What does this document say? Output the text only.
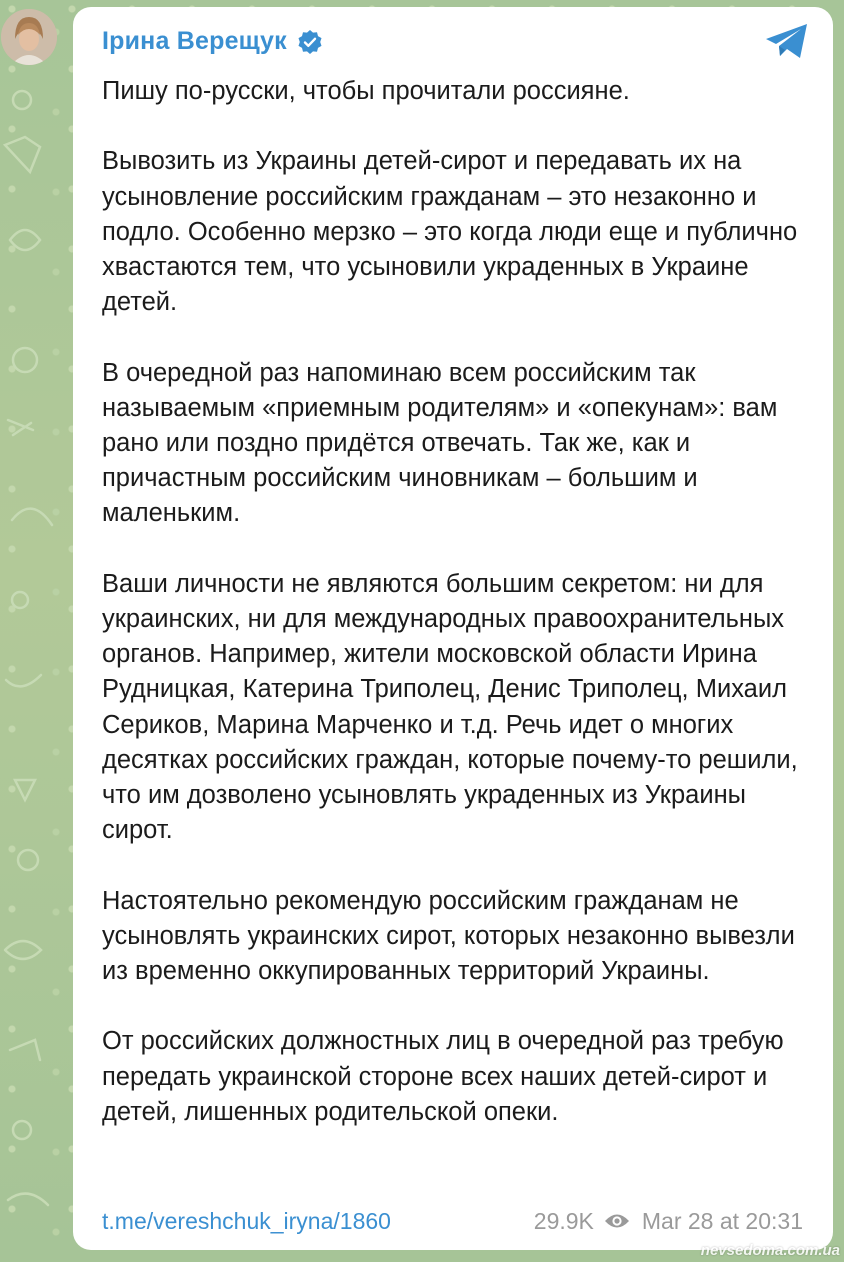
Ірина Верещук

Пишу по-русски, чтобы прочитали россияне.

Вывозить из Украины детей-сирот и передавать их на усыновление российским гражданам – это незаконно и подло. Особенно мерзко – это когда люди еще и публично хвастаются тем, что усыновили украденных в Украине детей.

В очередной раз напоминаю всем российским так называемым «приемным родителям» и «опекунам»: вам рано или поздно придётся отвечать. Так же, как и причастным российским чиновникам – большим и маленьким.

Ваши личности не являются большим секретом: ни для украинских, ни для международных правоохранительных органов. Например, жители московской области Ирина Рудницкая, Катерина Триполец, Денис Триполец, Михаил Сериков, Марина Марченко и т.д. Речь идет о многих десятках российских граждан, которые почему-то решили, что им дозволено усыновлять украденных из Украины сирот.

Настоятельно рекомендую российским гражданам не усыновлять украинских сирот, которых незаконно вывезли из временно оккупированных территорий Украины.

От российских должностных лиц в очередной раз требую передать украинской стороне всех наших детей-сирот и детей, лишенных родительской опеки.

t.me/vereshchuk_iryna/1860	29.9K Mar 28 at 20:31
nevsedoma.com.ua
